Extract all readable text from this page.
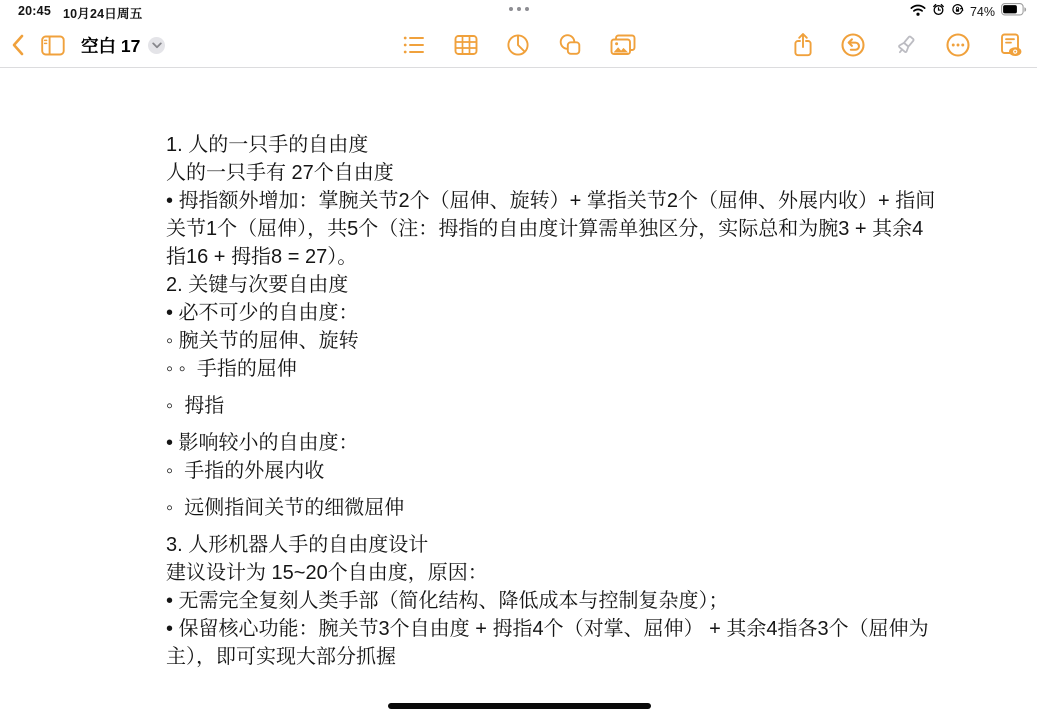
20:45 10月24日周五	74%
空白 17
1. 人的一只手的自由度
人的一只手有 27个自由度
• 拇指额外增加：掌腕关节2个（屈伸、旋转）+ 掌指关节2个（屈伸、外展内收）+ 指间
关节1个（屈伸），共5个（注：拇指的自由度计算需单独区分，实际总和为腕3 + 其余4
指16 + 拇指8 = 27）。
2. 关键与次要自由度
• 必不可少的自由度：
◦ 腕关节的屈伸、旋转
◦ ◦  手指的屈伸
◦  拇指
• 影响较小的自由度：
◦  手指的外展内收
◦  远侧指间关节的细微屈伸
3. 人形机器人手的自由度设计
建议设计为 15~20个自由度，原因：
• 无需完全复刻人类手部（简化结构、降低成本与控制复杂度）；
• 保留核心功能：腕关节3个自由度 + 拇指4个（对掌、屈伸） + 其余4指各3个（屈伸为
主），即可实现大部分抓握
